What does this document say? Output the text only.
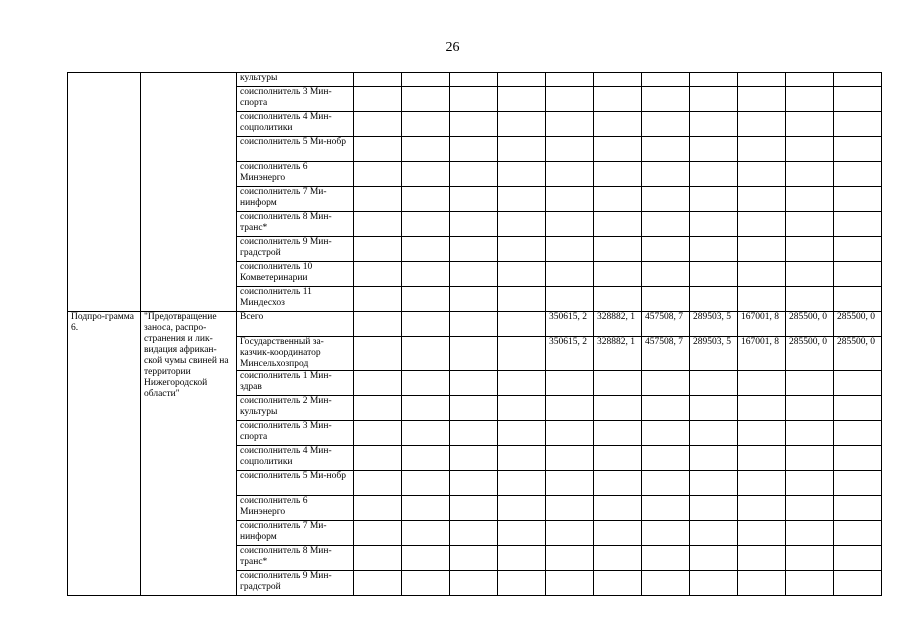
26
		культуры											
		соисполнитель 3 Мин-спорта											
		соисполнитель 4 Мин-соцполитики											
		соисполнитель 5 Ми-нобр											
		соисполнитель 6 Минэнерго											
		соисполнитель 7 Ми-нинформ											
		соисполнитель 8 Мин-транс*											
		соисполнитель 9 Мин-градстрой											
		соисполнитель 10 Комветеринарии											
		соисполнитель 11 Миндесхоз											
Подпро-грамма 6.	"Предотвращение заноса, распро-странения и лик-видация африкан-ской чумы свиней на территории Нижегородской области"	Всего					350615, 2	328882, 1	457508, 7	289503, 5	167001, 8	285500, 0	285500, 0
		Государственный за-казчик-координатор Минсельхозпрод					350615, 2	328882, 1	457508, 7	289503, 5	167001, 8	285500, 0	285500, 0
		соисполнитель 1 Мин-здрав											
		соисполнитель 2 Мин-культуры											
		соисполнитель 3 Мин-спорта											
		соисполнитель 4 Мин-соцполитики											
		соисполнитель 5 Ми-нобр											
		соисполнитель 6 Минэнерго											
		соисполнитель 7 Ми-нинформ											
		соисполнитель 8 Мин-транс*											
		соисполнитель 9 Мин-градстрой											
